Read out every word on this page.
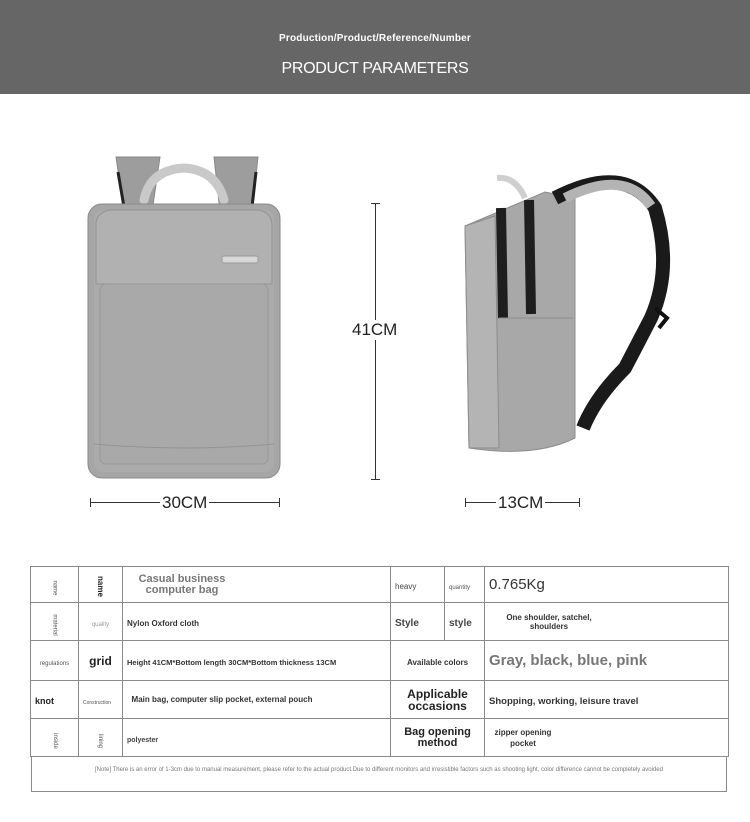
Production/Product/Reference/Number
PRODUCT PARAMETERS
41CM
30CM	13CM
name	name	Casual business computer bag	heavy	quantity	0.765Kg
material	quality	Nylon Oxford cloth	Style	style	One shoulder, satchel, shoulders

regulations	grid	Height 41CM*Bottom length 30CM*Bottom thickness 13CM	Available colors		Gray, black, blue, pink
knot	Construction	Main bag, computer slip pocket, external pouch	Applicable occasions		Shopping, working, leisure travel
inside	lining	polyester	Bag opening method		zipper opening pocket
[Note] There is an error of 1-3cm due to manual measurement, please refer to the actual product.Due to different monitors and irresistible factors such as shooting light, color difference cannot be completely avoided
